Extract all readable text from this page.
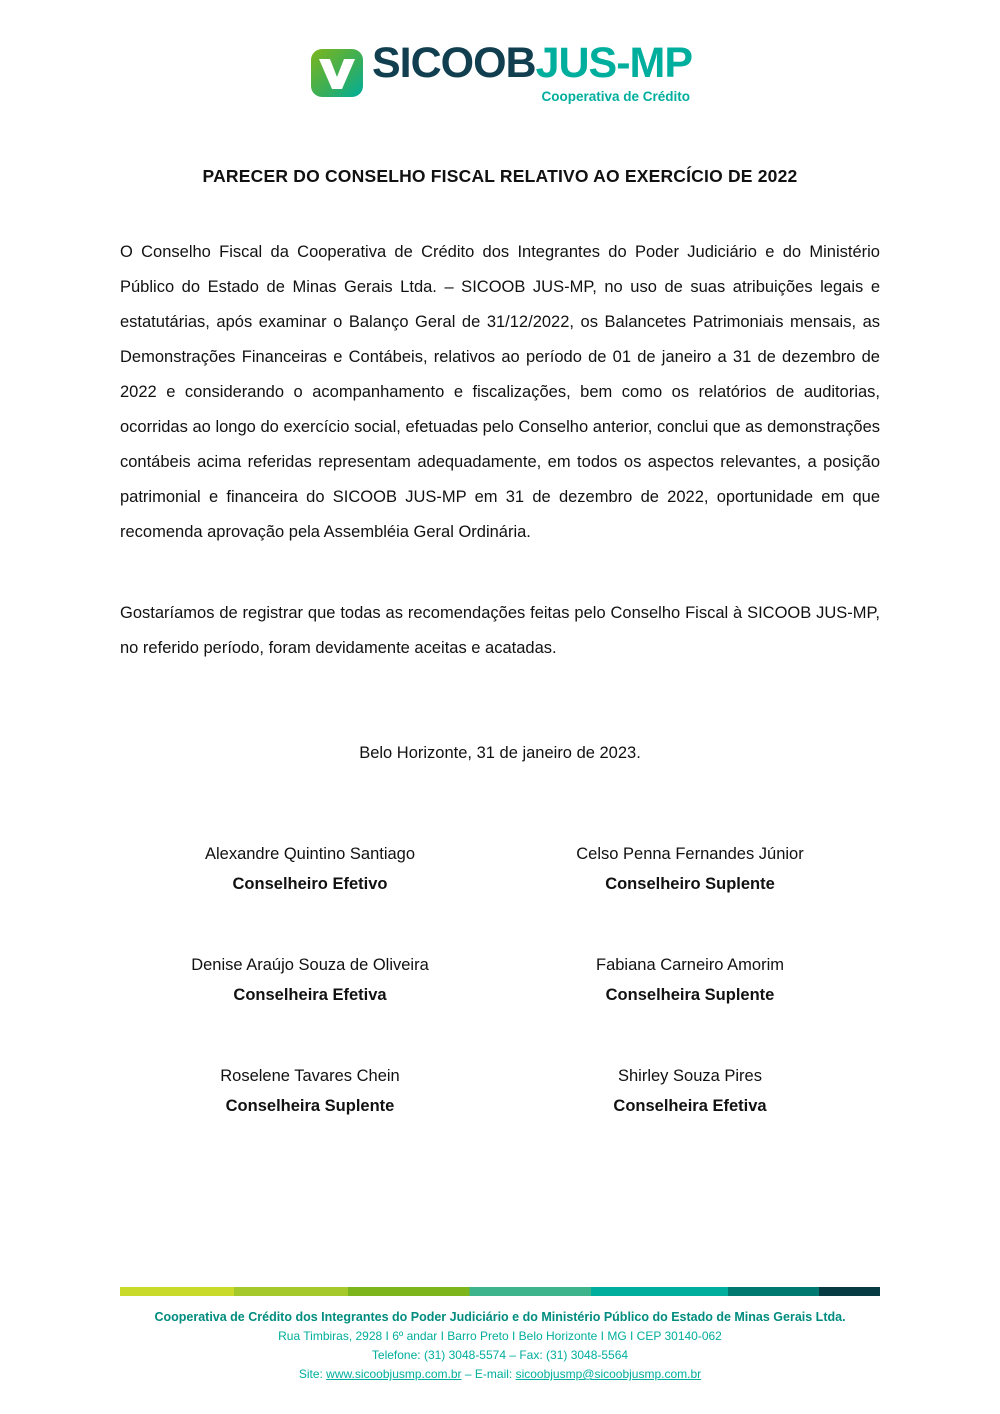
SICOOBJUS-MP
Cooperativa de Crédito
PARECER DO CONSELHO FISCAL RELATIVO AO EXERCÍCIO DE 2022

O Conselho Fiscal da Cooperativa de Crédito dos Integrantes do Poder Judiciário e do Ministério Público do Estado de Minas Gerais Ltda. – SICOOB JUS-MP, no uso de suas atribuições legais e estatutárias, após examinar o Balanço Geral de 31/12/2022, os Balancetes Patrimoniais mensais, as Demonstrações Financeiras e Contábeis, relativos ao período de 01 de janeiro a 31 de dezembro de 2022 e considerando o acompanhamento e fiscalizações, bem como os relatórios de auditorias, ocorridas ao longo do exercício social, efetuadas pelo Conselho anterior, conclui que as demonstrações contábeis acima referidas representam adequadamente, em todos os aspectos relevantes, a posição patrimonial e financeira do SICOOB JUS-MP em 31 de dezembro de 2022, oportunidade em que recomenda aprovação pela Assembléia Geral Ordinária.

Gostaríamos de registrar que todas as recomendações feitas pelo Conselho Fiscal à SICOOB JUS-MP, no referido período, foram devidamente aceitas e acatadas.

Belo Horizonte, 31 de janeiro de 2023.

Alexandre Quintino Santiago
Conselheiro Efetivo
Celso Penna Fernandes Júnior
Conselheiro Suplente
Denise Araújo Souza de Oliveira
Conselheira Efetiva
Fabiana Carneiro Amorim
Conselheira Suplente
Roselene Tavares Chein
Conselheira Suplente
Shirley Souza Pires
Conselheira Efetiva
Cooperativa de Crédito dos Integrantes do Poder Judiciário e do Ministério Público do Estado de Minas Gerais Ltda.
Rua Timbiras, 2928 I 6º andar I Barro Preto I Belo Horizonte I MG I CEP 30140-062
Telefone: (31) 3048-5574 – Fax: (31) 3048-5564
Site: www.sicoobjusmp.com.br – E-mail: sicoobjusmp@sicoobjusmp.com.br
